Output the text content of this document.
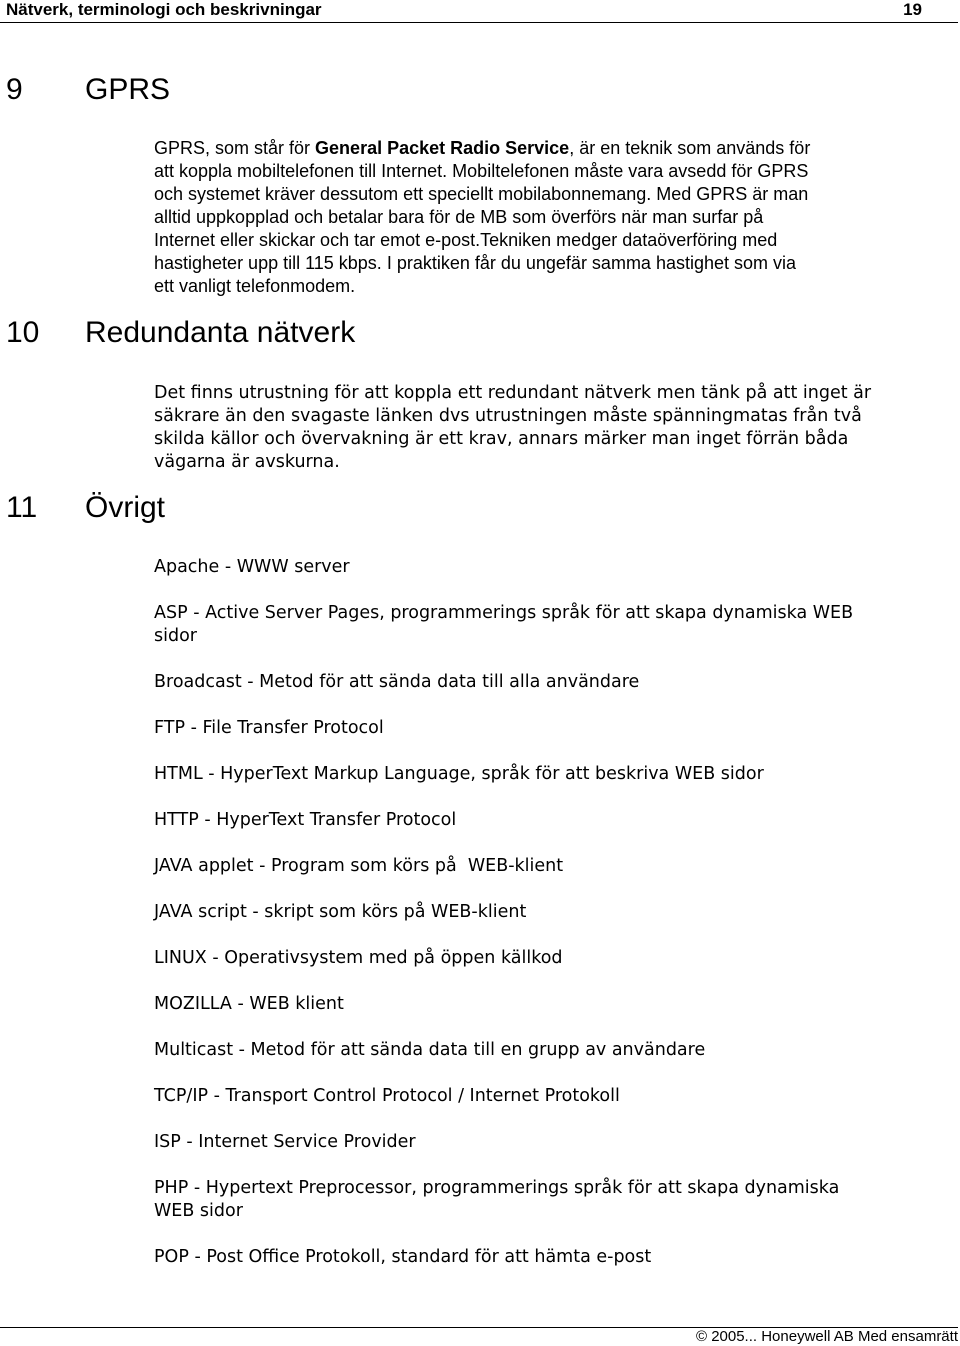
Nätverk, terminologi och beskrivningar	19
9 GPRS
GPRS, som står för General Packet Radio Service, är en teknik som används för
att koppla mobiltelefonen till Internet. Mobiltelefonen måste vara avsedd för GPRS
och systemet kräver dessutom ett speciellt mobilabonnemang. Med GPRS är man
alltid uppkopplad och betalar bara för de MB som överförs när man surfar på
Internet eller skickar och tar emot e-post.Tekniken medger dataöverföring med
hastigheter upp till 115 kbps. I praktiken får du ungefär samma hastighet som via
ett vanligt telefonmodem.
10 Redundanta nätverk
Det finns utrustning för att koppla ett redundant nätverk men tänk på att inget är
säkrare än den svagaste länken dvs utrustningen måste spänningmatas från två
skilda källor och övervakning är ett krav, annars märker man inget förrän båda
vägarna är avskurna.
11 Övrigt
Apache - WWW server
ASP - Active Server Pages, programmerings språk för att skapa dynamiska WEB
sidor
Broadcast - Metod för att sända data till alla användare
FTP - File Transfer Protocol
HTML - HyperText Markup Language, språk för att beskriva WEB sidor
HTTP - HyperText Transfer Protocol
JAVA applet - Program som körs på  WEB-klient
JAVA script - skript som körs på WEB-klient
LINUX - Operativsystem med på öppen källkod
MOZILLA - WEB klient
Multicast - Metod för att sända data till en grupp av användare
TCP/IP - Transport Control Protocol / Internet Protokoll
ISP - Internet Service Provider
PHP - Hypertext Preprocessor, programmerings språk för att skapa dynamiska
WEB sidor
POP - Post Office Protokoll, standard för att hämta e-post
© 2005... Honeywell AB Med ensamrätt
